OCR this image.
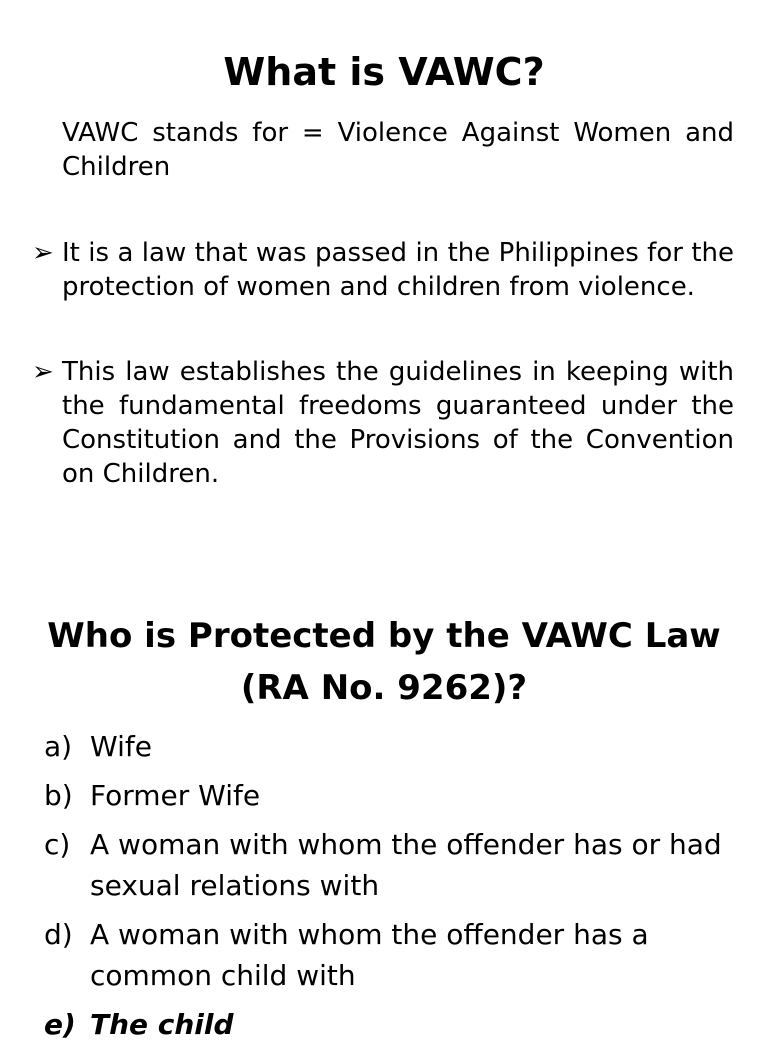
What is VAWC?

VAWC stands for = Violence Against Women and Children

➢ It is a law that was passed in the Philippines for the protection of women and children from violence.

➢ This law establishes the guidelines in keeping with the fundamental freedoms guaranteed under the Constitution and the Provisions of the Convention on Children.

Who is Protected by the VAWC Law (RA No. 9262)?
a) Wife
b) Former Wife
c) A woman with whom the offender has or had sexual relations with
d) A woman with whom the offender has a common child with
e) The child
